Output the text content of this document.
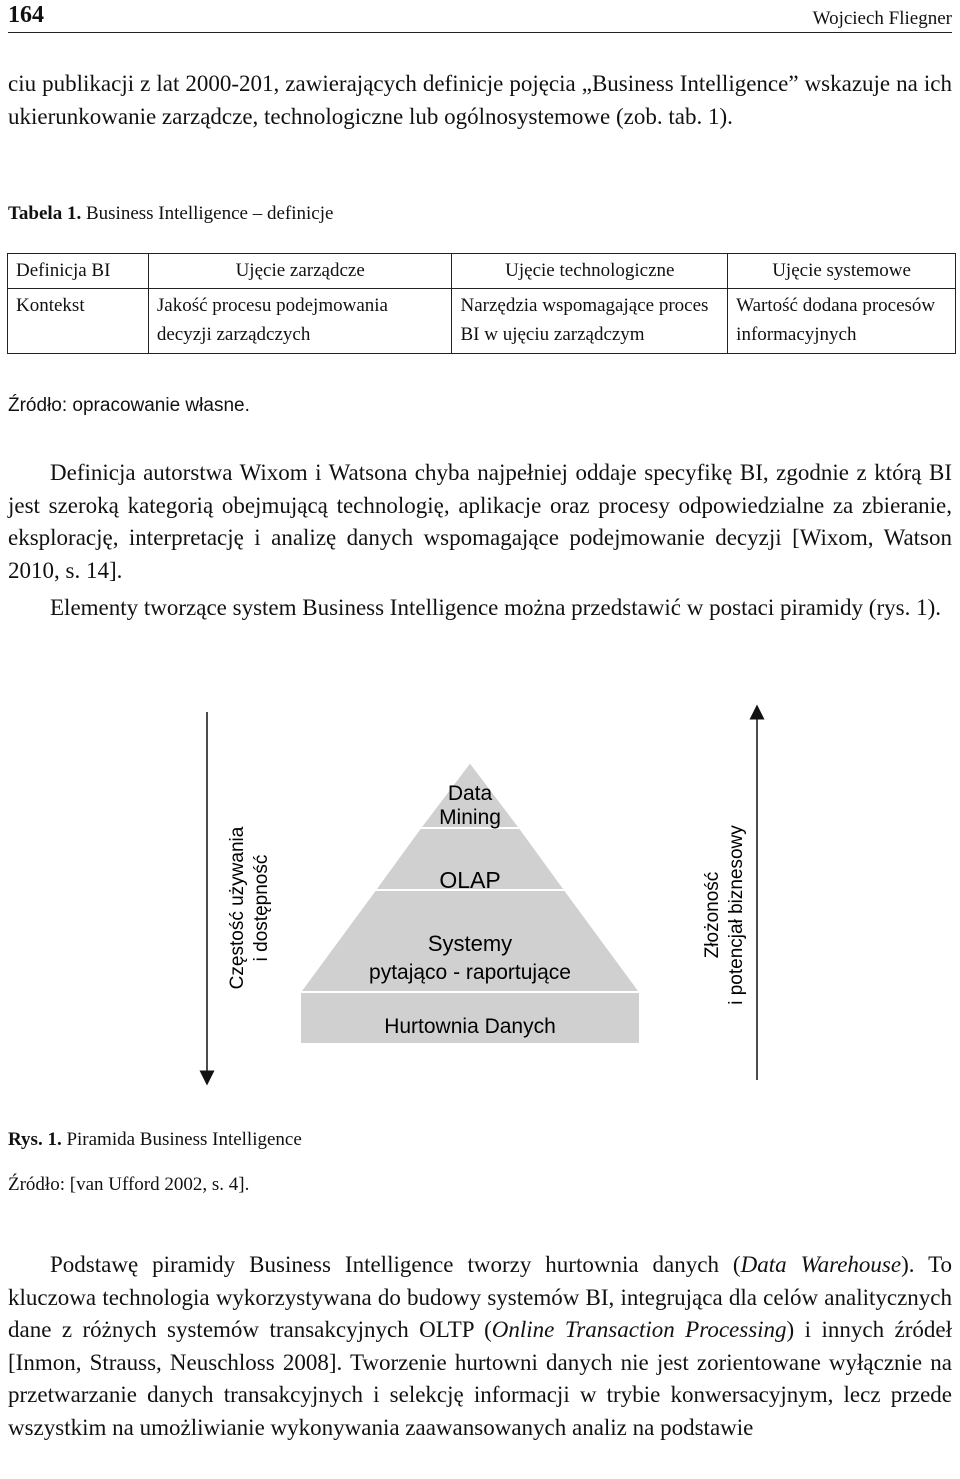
164	Wojciech Fliegner

ciu publikacji z lat 2000-201, zawierających definicje pojęcia „Business Intelligence” wskazuje na ich ukierunkowanie zarządcze, technologiczne lub ogólnosystemowe (zob. tab. 1).

Tabela 1. Business Intelligence – definicje
Definicja BI	Ujęcie zarządcze	Ujęcie technologiczne	Ujęcie systemowe
Kontekst	Jakość procesu podejmowania decyzji zarządczych	Narzędzia wspomagające proces BI w ujęciu zarządczym	Wartość dodana procesów informacyjnych
Źródło: opracowanie własne.

Definicja autorstwa Wixom i Watsona chyba najpełniej oddaje specyfikę BI, zgodnie z którą BI jest szeroką kategorią obejmującą technologię, aplikacje oraz procesy odpowiedzialne za zbieranie, eksplorację, interpretację i analizę danych wspomagające podejmowanie decyzji [Wixom, Watson 2010, s. 14].

Elementy tworzące system Business Intelligence można przedstawić w postaci piramidy (rys. 1).

Data
Mining
OLAP
Systemy
pytająco - raportujące
Hurtownia Danych
Częstość używania i dostępność	Złożoność i potencjał biznesowy
Rys. 1. Piramida Business Intelligence
Źródło: [van Ufford 2002, s. 4].

Podstawę piramidy Business Intelligence tworzy hurtownia danych (Data Warehouse). To kluczowa technologia wykorzystywana do budowy systemów BI, integrująca dla celów analitycznych dane z różnych systemów transakcyjnych OLTP (Online Transaction Processing) i innych źródeł [Inmon, Strauss, Neuschloss 2008]. Tworzenie hurtowni danych nie jest zorientowane wyłącznie na przetwarzanie danych transakcyjnych i selekcję informacji w trybie konwersacyjnym, lecz przede wszystkim na umożliwianie wykonywania zaawansowanych analiz na podstawie
